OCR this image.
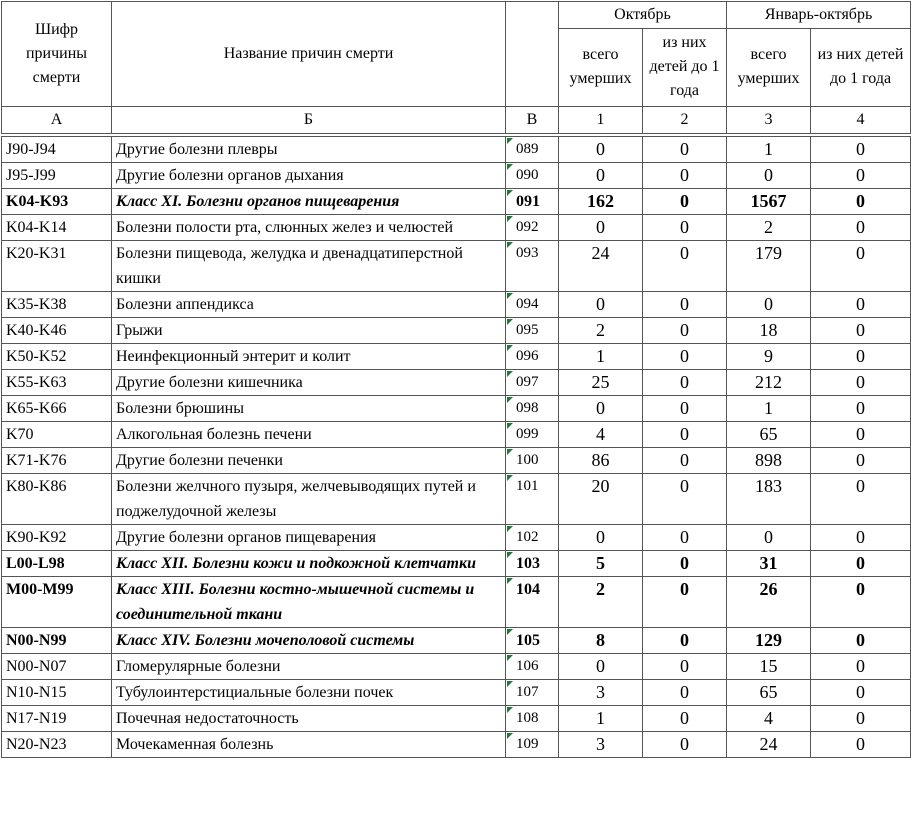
Шифр причины смерти	Название причин смерти		Октябрь		Январь-октябрь	
			всего умерших	из них детей до 1 года	всего умерших	из них детей до 1 года
А	Б	В	1	2	3	4

J90-J94	Другие болезни плевры	089	0	0	1	0
J95-J99	Другие болезни органов дыхания	090	0	0	0	0
K04-K93	Класс XI. Болезни органов пищеварения	091	162	0	1567	0
K04-K14	Болезни полости рта, слюнных желез и челюстей	092	0	0	2	0
K20-K31	Болезни пищевода, желудка и двенадцатиперстной кишки	093	24	0	179	0
K35-K38	Болезни аппендикса	094	0	0	0	0
K40-K46	Грыжи	095	2	0	18	0
K50-K52	Неинфекционный энтерит и колит	096	1	0	9	0
K55-K63	Другие болезни кишечника	097	25	0	212	0
K65-K66	Болезни брюшины	098	0	0	1	0
K70	Алкогольная болезнь печени	099	4	0	65	0
K71-K76	Другие болезни печенки	100	86	0	898	0
K80-K86	Болезни желчного пузыря, желчевыводящих путей и поджелудочной железы	101	20	0	183	0
K90-K92	Другие болезни органов пищеварения	102	0	0	0	0
L00-L98	Класс XII. Болезни кожи и подкожной клетчатки	103	5	0	31	0
M00-M99	Класс XIII. Болезни костно-мышечной системы и соединительной ткани	104	2	0	26	0
N00-N99	Класс XIV. Болезни мочеполовой системы	105	8	0	129	0
N00-N07	Гломерулярные болезни	106	0	0	15	0
N10-N15	Тубулоинтерстициальные болезни почек	107	3	0	65	0
N17-N19	Почечная недостаточность	108	1	0	4	0
N20-N23	Мочекаменная болезнь	109	3	0	24	0
